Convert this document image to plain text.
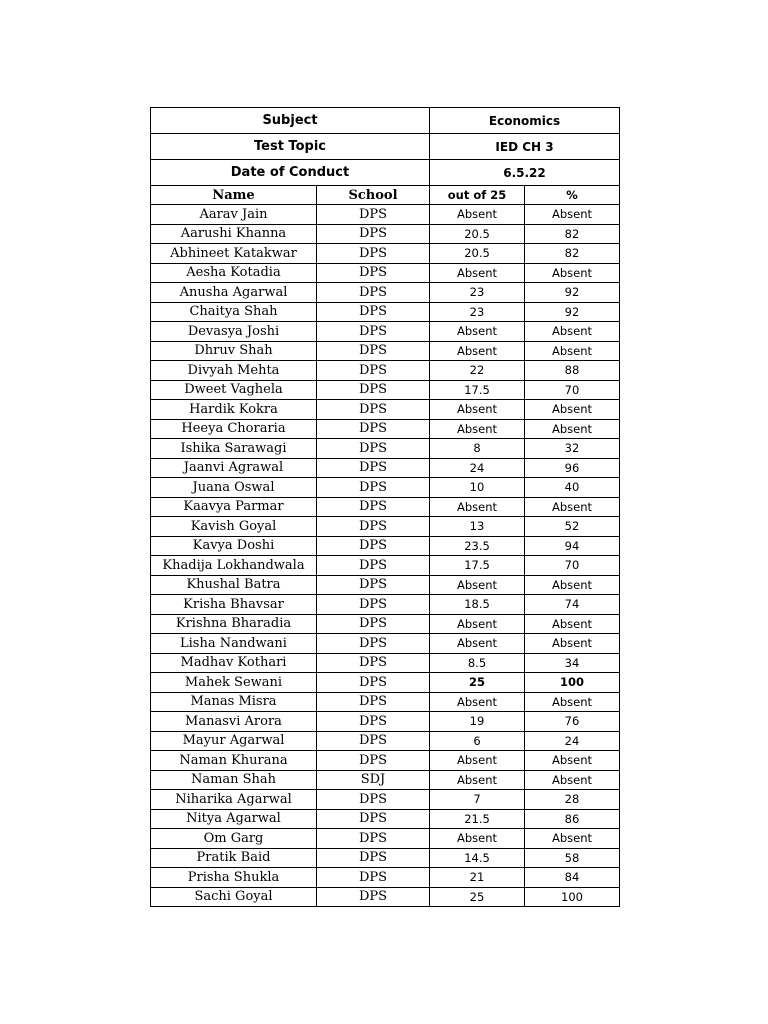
Subject		Economics	
Test Topic		IED CH 3	
Date of Conduct		6.5.22	
Name	School	out of 25	%
Aarav Jain	DPS	Absent	Absent
Aarushi Khanna	DPS	20.5	82
Abhineet Katakwar	DPS	20.5	82
Aesha Kotadia	DPS	Absent	Absent
Anusha Agarwal	DPS	23	92
Chaitya Shah	DPS	23	92
Devasya Joshi	DPS	Absent	Absent
Dhruv Shah	DPS	Absent	Absent
Divyah Mehta	DPS	22	88
Dweet Vaghela	DPS	17.5	70
Hardik Kokra	DPS	Absent	Absent
Heeya Choraria	DPS	Absent	Absent
Ishika Sarawagi	DPS	8	32
Jaanvi Agrawal	DPS	24	96
Juana Oswal	DPS	10	40
Kaavya Parmar	DPS	Absent	Absent
Kavish Goyal	DPS	13	52
Kavya Doshi	DPS	23.5	94
Khadija Lokhandwala	DPS	17.5	70
Khushal Batra	DPS	Absent	Absent
Krisha Bhavsar	DPS	18.5	74
Krishna Bharadia	DPS	Absent	Absent
Lisha Nandwani	DPS	Absent	Absent
Madhav Kothari	DPS	8.5	34
Mahek Sewani	DPS	25	100
Manas Misra	DPS	Absent	Absent
Manasvi Arora	DPS	19	76
Mayur Agarwal	DPS	6	24
Naman Khurana	DPS	Absent	Absent
Naman Shah	SDJ	Absent	Absent
Niharika Agarwal	DPS	7	28
Nitya Agarwal	DPS	21.5	86
Om Garg	DPS	Absent	Absent
Pratik Baid	DPS	14.5	58
Prisha Shukla	DPS	21	84
Sachi Goyal	DPS	25	100
